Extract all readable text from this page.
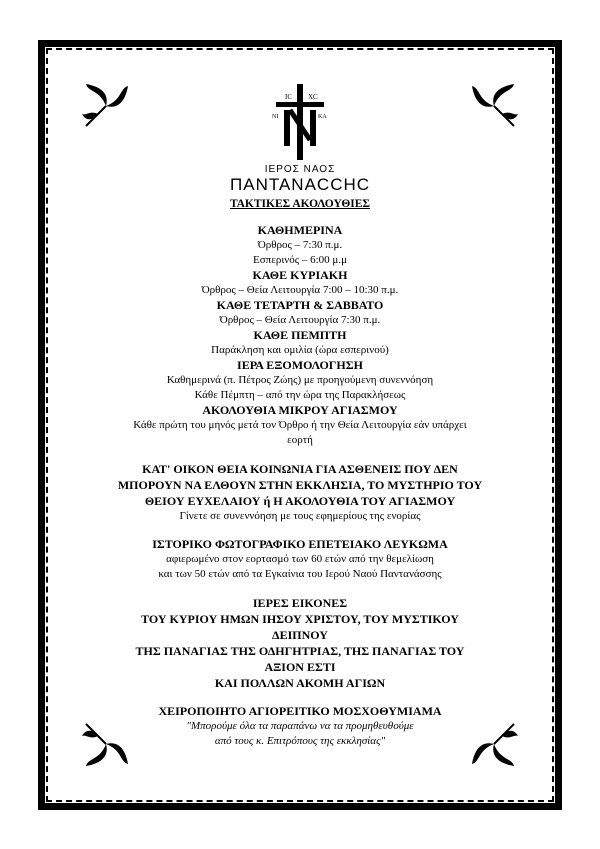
IC XC
NI	KA
ΙΕΡΟΣ ΝΑΟΣ
ΠΑΝΤΑΝΑССНС
ΤΑΚΤΙΚΕΣ ΑΚΟΛΟΥΘΙΕΣ
ΚΑΘΗΜΕΡΙΝΑ
Όρθρος – 7:30 π.μ.
Εσπερινός – 6:00 μ.μ
ΚΑΘΕ ΚΥΡΙΑΚΗ
Όρθρος – Θεία Λειτουργία 7:00 – 10:30 π.μ.
ΚΑΘΕ ΤΕΤΑΡΤΗ & ΣΑΒΒΑΤΟ
Όρθρος – Θεία Λειτουργία 7:30 π.μ.
ΚΑΘΕ ΠΕΜΠΤΗ
Παράκληση και ομιλία (ώρα εσπερινού)
ΙΕΡΑ ΕΞΟΜΟΛΟΓΗΣΗ
Καθημερινά (π. Πέτρος Ζώης) με προηγούμενη συνεννόηση
Κάθε Πέμπτη – από την ώρα της Παρακλήσεως
ΑΚΟΛΟΥΘΙΑ ΜΙΚΡΟΥ ΑΓΙΑΣΜΟΥ
Κάθε πρώτη του μηνός μετά τον Όρθρο ή την Θεία Λειτουργία εάν υπάρχει
εορτή
ΚΑΤ' ΟΙΚΟΝ ΘΕΙΑ ΚΟΙΝΩΝΙΑ ΓΙΑ ΑΣΘΕΝΕΙΣ ΠΟΥ ΔΕΝ
ΜΠΟΡΟΥΝ ΝΑ ΕΛΘΟΥΝ ΣΤΗΝ ΕΚΚΛΗΣΙΑ, ΤΟ ΜΥΣΤΗΡΙΟ ΤΟΥ
ΘΕΙΟΥ ΕΥΧΕΛΑΙΟΥ ή Η ΑΚΟΛΟΥΘΙΑ ΤΟΥ ΑΓΙΑΣΜΟΥ
Γίνετε σε συνεννόηση με τους εφημερίους της ενορίας
ΙΣΤΟΡΙΚΟ ΦΩΤΟΓΡΑΦΙΚΟ ΕΠΕΤΕΙΑΚΟ ΛΕΥΚΩΜΑ
αφιερωμένο στον εορτασμό των 60 ετών από την θεμελίωση
και των 50 ετών από τα Εγκαίνια του Ιερού Ναού Παντανάσσης
ΙΕΡΕΣ ΕΙΚΟΝΕΣ
ΤΟΥ ΚΥΡΙΟΥ ΗΜΩΝ ΙΗΣΟΥ ΧΡΙΣΤΟΥ, ΤΟΥ ΜΥΣΤΙΚΟΥ
ΔΕΙΠΝΟΥ
ΤΗΣ ΠΑΝΑΓΙΑΣ ΤΗΣ ΟΔΗΓΗΤΡΙΑΣ, ΤΗΣ ΠΑΝΑΓΙΑΣ ΤΟΥ
ΑΞΙΟΝ ΕΣΤΙ
ΚΑΙ ΠΟΛΛΩΝ ΑΚΟΜΗ ΑΓΙΩΝ
ΧΕΙΡΟΠΟΙΗΤΟ ΑΓΙΟΡΕΙΤΙΚΟ ΜΟΣΧΟΘΥΜΙΑΜΑ
"Μπορούμε όλα τα παραπάνω να τα προμηθευθούμε
από τους κ. Επιτρόπους της εκκλησίας"
